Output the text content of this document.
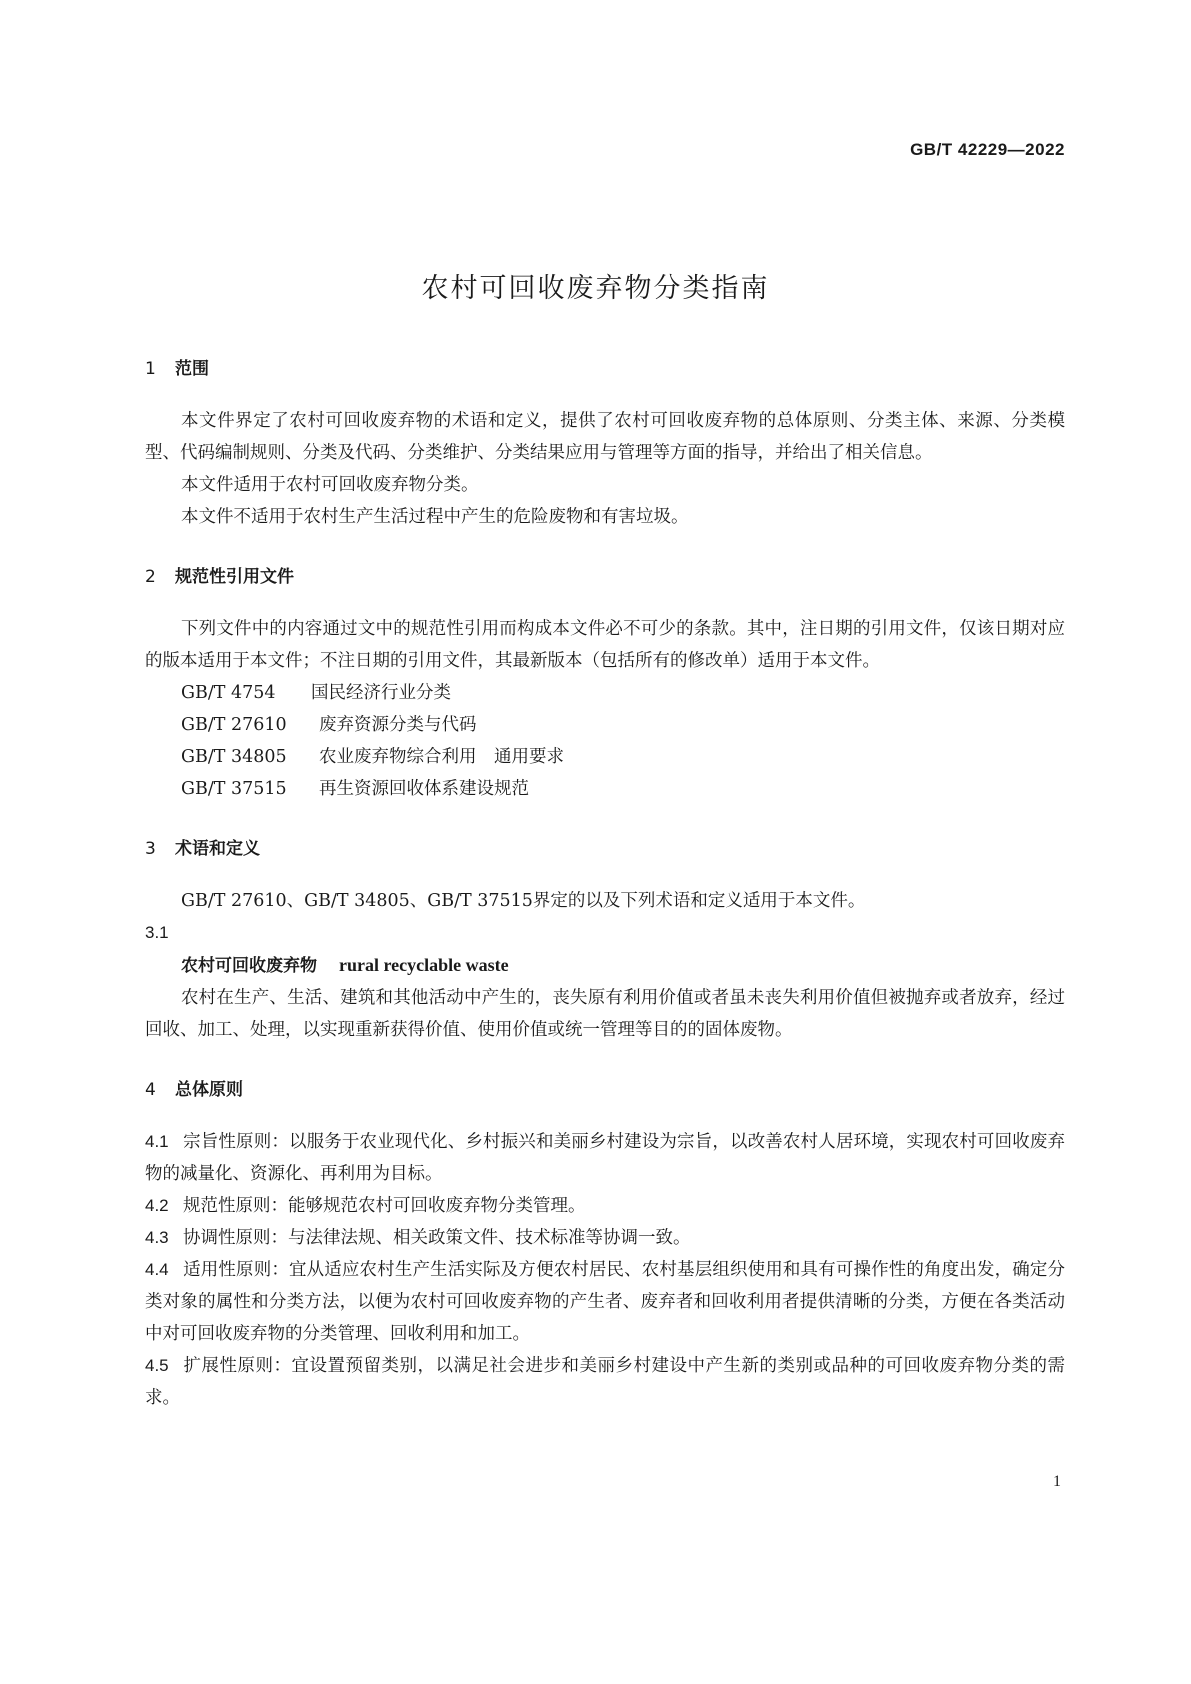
GB/T 42229—2022
农村可回收废弃物分类指南
1 范围

本文件界定了农村可回收废弃物的术语和定义，提供了农村可回收废弃物的总体原则、分类主体、来源、分类模型、代码编制规则、分类及代码、分类维护、分类结果应用与管理等方面的指导，并给出了相关信息。

本文件适用于农村可回收废弃物分类。

本文件不适用于农村生产生活过程中产生的危险废物和有害垃圾。

2 规范性引用文件

下列文件中的内容通过文中的规范性引用而构成本文件必不可少的条款。其中，注日期的引用文件，仅该日期对应的版本适用于本文件；不注日期的引用文件，其最新版本（包括所有的修改单）适用于本文件。

GB/T 4754 国民经济行业分类
GB/T 27610 废弃资源分类与代码
GB/T 34805 农业废弃物综合利用　通用要求
GB/T 37515 再生资源回收体系建设规范
3 术语和定义

GB/T 27610、GB/T 34805、GB/T 37515界定的以及下列术语和定义适用于本文件。

3.1
农村可回收废弃物 rural recyclable waste

农村在生产、生活、建筑和其他活动中产生的，丧失原有利用价值或者虽未丧失利用价值但被抛弃或者放弃，经过回收、加工、处理，以实现重新获得价值、使用价值或统一管理等目的的固体废物。

4 总体原则

4.1 宗旨性原则：以服务于农业现代化、乡村振兴和美丽乡村建设为宗旨，以改善农村人居环境，实现农村可回收废弃物的减量化、资源化、再利用为目标。

4.2 规范性原则：能够规范农村可回收废弃物分类管理。

4.3 协调性原则：与法律法规、相关政策文件、技术标准等协调一致。

4.4 适用性原则：宜从适应农村生产生活实际及方便农村居民、农村基层组织使用和具有可操作性的角度出发，确定分类对象的属性和分类方法，以便为农村可回收废弃物的产生者、废弃者和回收利用者提供清晰的分类，方便在各类活动中对可回收废弃物的分类管理、回收利用和加工。

4.5 扩展性原则：宜设置预留类别，以满足社会进步和美丽乡村建设中产生新的类别或品种的可回收废弃物分类的需求。

1
